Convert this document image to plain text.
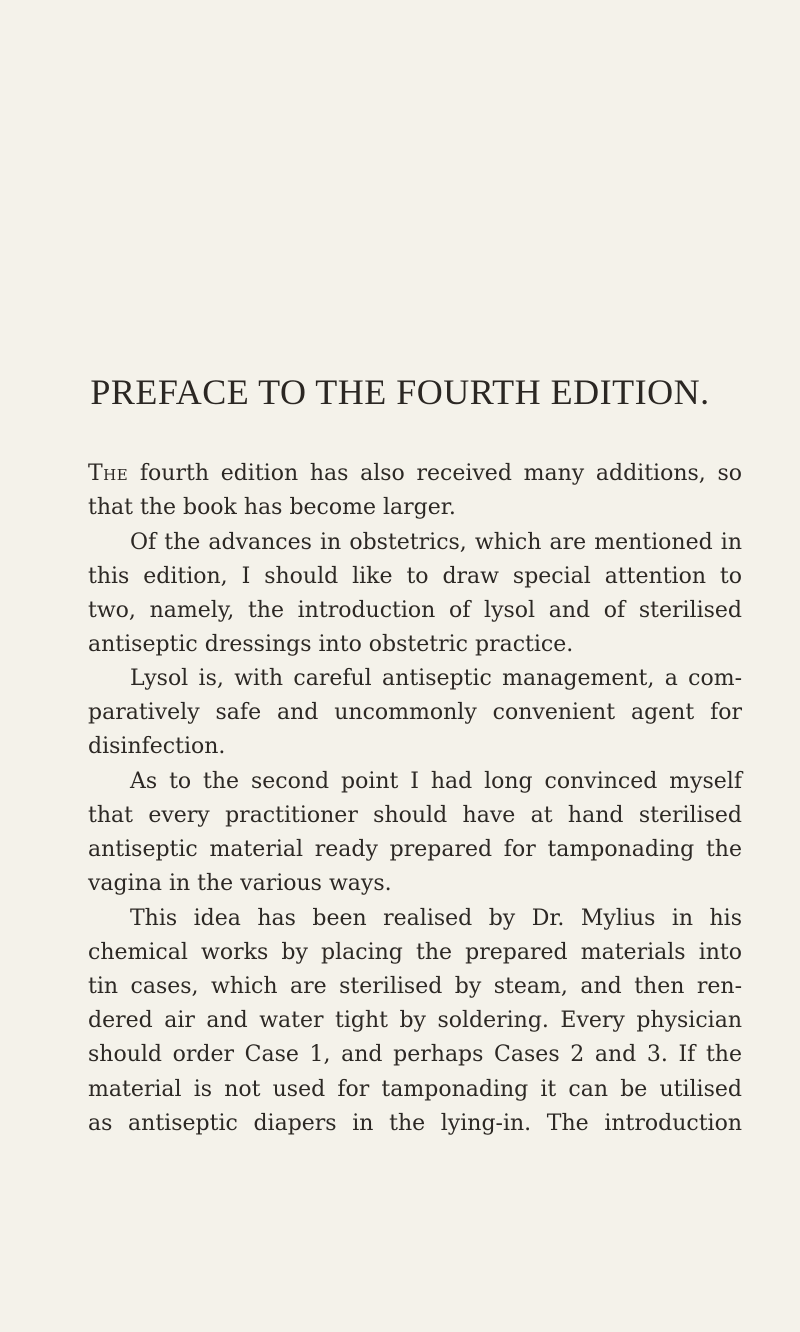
PREFACE TO THE FOURTH EDITION.
The fourth edition has also received many additions, so
that the book has become larger.
Of the advances in obstetrics, which are mentioned in
this edition, I should like to draw special attention to
two, namely, the introduction of lysol and of sterilised
antiseptic dressings into obstetric practice.
Lysol is, with careful antiseptic management, a com-
paratively safe and uncommonly convenient agent for
disinfection.
As to the second point I had long convinced myself
that every practitioner should have at hand sterilised
antiseptic material ready prepared for tamponading the
vagina in the various ways.
This idea has been realised by Dr. Mylius in his
chemical works by placing the prepared materials into
tin cases, which are sterilised by steam, and then ren-
dered air and water tight by soldering. Every physician
should order Case 1, and perhaps Cases 2 and 3. If the
material is not used for tamponading it can be utilised
as antiseptic diapers in the lying-in. The introduction
